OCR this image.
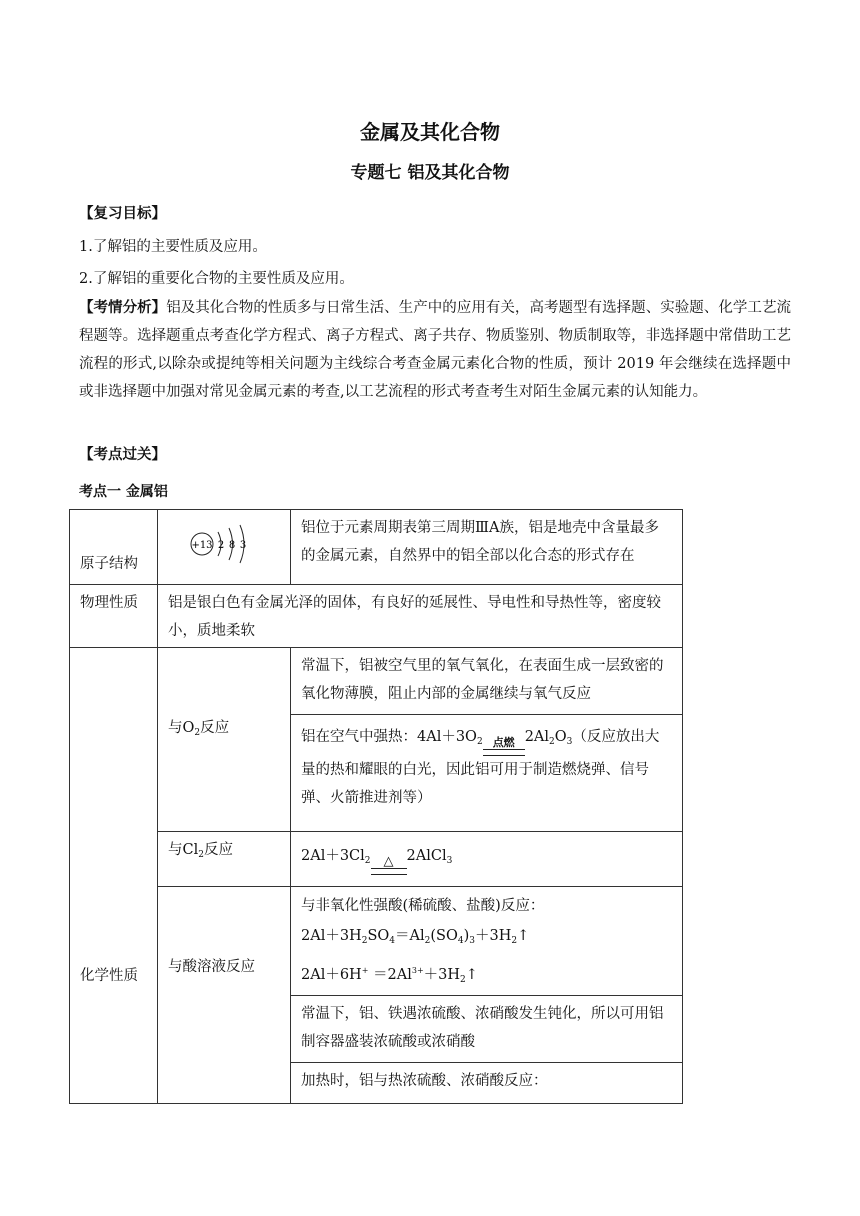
金属及其化合物
专题七 铝及其化合物
【复习目标】
1.了解铝的主要性质及应用。
2.了解铝的重要化合物的主要性质及应用。
【考情分析】铝及其化合物的性质多与日常生活、生产中的应用有关，高考题型有选择题、实验题、化学工艺流程题等。选择题重点考查化学方程式、离子方程式、离子共存、物质鉴别、物质制取等，非选择题中常借助工艺流程的形式,以除杂或提纯等相关问题为主线综合考查金属元素化合物的性质，预计 2019 年会继续在选择题中或非选择题中加强对常见金属元素的考查,以工艺流程的形式考查考生对陌生金属元素的认知能力。
【考点过关】
考点一 金属铝
原子结构	+13 2 8 3	铝位于元素周期表第三周期ⅢA族，铝是地壳中含量最多的金属元素，自然界中的铝全部以化合态的形式存在
物理性质	铝是银白色有金属光泽的固体，有良好的延展性、导电性和导热性等，密度较小，质地柔软	
化学性质	与$O_2$反应	常温下，铝被空气里的氧气氧化，在表面生成一层致密的氧化物薄膜，阻止内部的金属继续与氧气反应
		铝在空气中强热：$4Al+3O_2$ 点燃 $2Al_2O_3$（反应放出大量的热和耀眼的白光，因此铝可用于制造燃烧弹、信号弹、火箭推进剂等）
	与$Cl_2$反应	$2Al+3Cl_2$ △ 2AlCl$_3$
	与酸溶液反应	与非氧化性强酸(稀硫酸、盐酸)反应：
$2Al+3H_2SO_4=Al_2(SO_4)_3+3H_2↑$
$2Al+6H^+ =2Al^{3+}+3H_2↑$

		常温下，铝、铁遇浓硫酸、浓硝酸发生钝化，所以可用铝制容器盛装浓硫酸或浓硝酸
		加热时，铝与热浓硫酸、浓硝酸反应：
